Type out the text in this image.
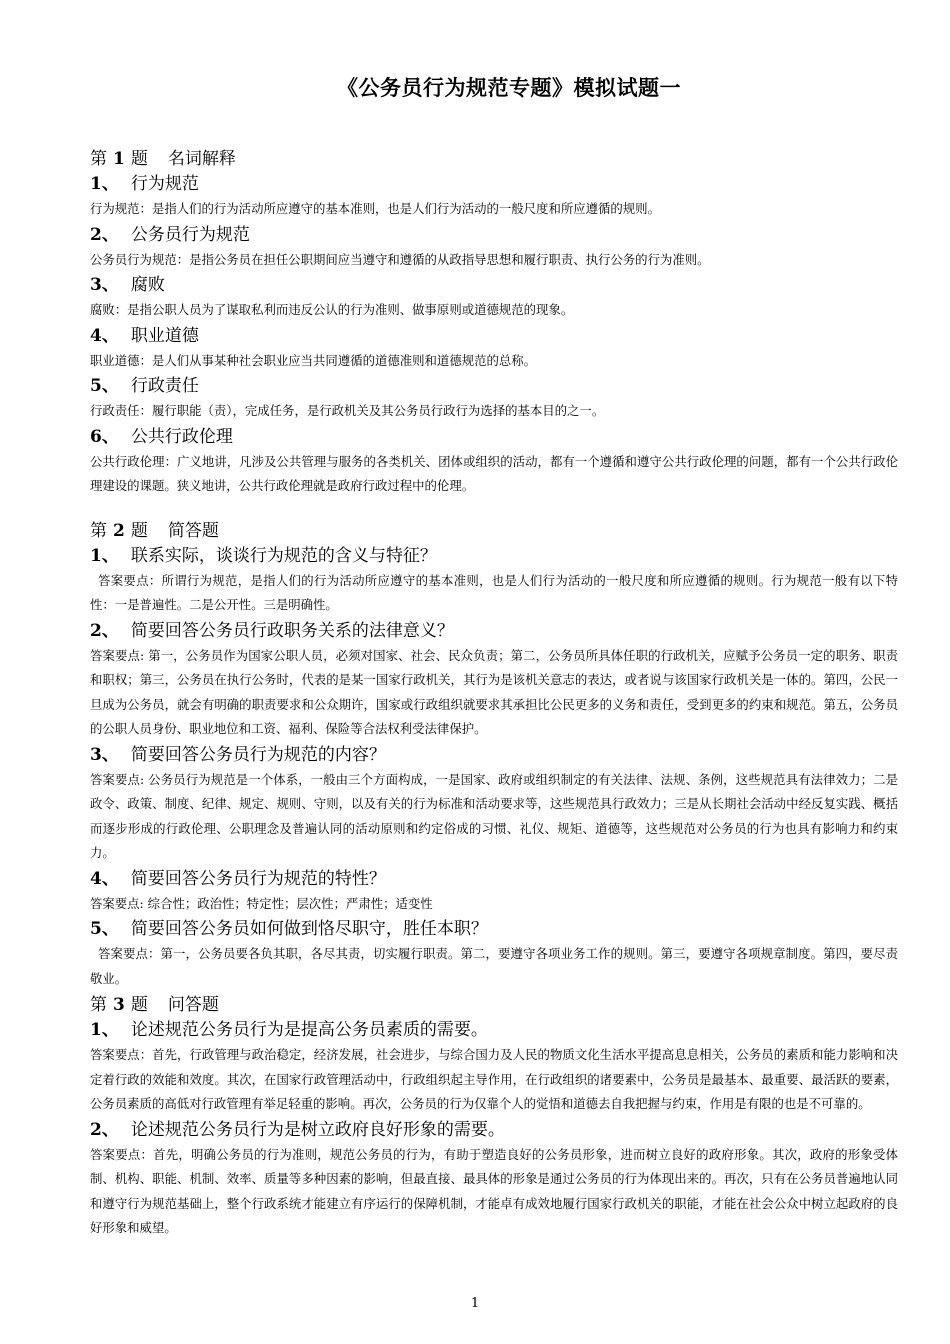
《公务员行为规范专题》模拟试题一

第 1 题 名词解释

1、 行为规范

行为规范：是指人们的行为活动所应遵守的基本准则，也是人们行为活动的一般尺度和所应遵循的规则。

2、 公务员行为规范

公务员行为规范：是指公务员在担任公职期间应当遵守和遵循的从政指导思想和履行职责、执行公务的行为准则。

3、 腐败

腐败：是指公职人员为了谋取私利而违反公认的行为准则、做事原则或道德规范的现象。

4、 职业道德

职业道德：是人们从事某种社会职业应当共同遵循的道德准则和道德规范的总称。

5、 行政责任

行政责任：履行职能（责），完成任务，是行政机关及其公务员行政行为选择的基本目的之一。

6、 公共行政伦理

公共行政伦理：广义地讲，凡涉及公共管理与服务的各类机关、团体或组织的活动，都有一个遵循和遵守公共行政伦理的问题，都有一个公共行政伦理建设的课题。狭义地讲，公共行政伦理就是政府行政过程中的伦理。

第 2 题 简答题

1、 联系实际，谈谈行为规范的含义与特征？

答案要点：所谓行为规范，是指人们的行为活动所应遵守的基本准则，也是人们行为活动的一般尺度和所应遵循的规则。行为规范一般有以下特性：一是普遍性。二是公开性。三是明确性。

2、 简要回答公务员行政职务关系的法律意义？

答案要点: 第一，公务员作为国家公职人员，必须对国家、社会、民众负责；第二，公务员所具体任职的行政机关，应赋予公务员一定的职务、职责和职权；第三，公务员在执行公务时，代表的是某一国家行政机关，其行为是该机关意志的表达，或者说与该国家行政机关是一体的。第四，公民一旦成为公务员，就会有明确的职责要求和公众期许，国家或行政组织就要求其承担比公民更多的义务和责任，受到更多的约束和规范。第五，公务员的公职人员身份、职业地位和工资、福利、保险等合法权利受法律保护。

3、 简要回答公务员行为规范的内容？

答案要点: 公务员行为规范是一个体系，一般由三个方面构成，一是国家、政府或组织制定的有关法律、法规、条例，这些规范具有法律效力；二是政令、政策、制度、纪律、规定、规则、守则，以及有关的行为标准和活动要求等，这些规范具行政效力；三是从长期社会活动中经反复实践、概括而逐步形成的行政伦理、公职理念及普遍认同的活动原则和约定俗成的习惯、礼仪、规矩、道德等，这些规范对公务员的行为也具有影响力和约束力。

4、 简要回答公务员行为规范的特性？

答案要点: 综合性；政治性；特定性；层次性；严肃性；适变性

5、 简要回答公务员如何做到恪尽职守，胜任本职？

答案要点：第一，公务员要各负其职，各尽其责，切实履行职责。第二，要遵守各项业务工作的规则。第三，要遵守各项规章制度。第四，要尽责敬业。

第 3 题 问答题

1、 论述规范公务员行为是提高公务员素质的需要。

答案要点：首先，行政管理与政治稳定，经济发展，社会进步，与综合国力及人民的物质文化生活水平提高息息相关，公务员的素质和能力影响和决定着行政的效能和效度。其次，在国家行政管理活动中，行政组织起主导作用，在行政组织的诸要素中，公务员是最基本、最重要、最活跃的要素，公务员素质的高低对行政管理有举足轻重的影响。再次，公务员的行为仅靠个人的觉悟和道德去自我把握与约束，作用是有限的也是不可靠的。

2、 论述规范公务员行为是树立政府良好形象的需要。

答案要点：首先，明确公务员的行为准则，规范公务员的行为，有助于塑造良好的公务员形象，进而树立良好的政府形象。其次，政府的形象受体制、机构、职能、机制、效率、质量等多种因素的影响，但最直接、最具体的形象是通过公务员的行为体现出来的。再次，只有在公务员普遍地认同和遵守行为规范基础上，整个行政系统才能建立有序运行的保障机制，才能卓有成效地履行国家行政机关的职能，才能在社会公众中树立起政府的良好形象和威望。

1
